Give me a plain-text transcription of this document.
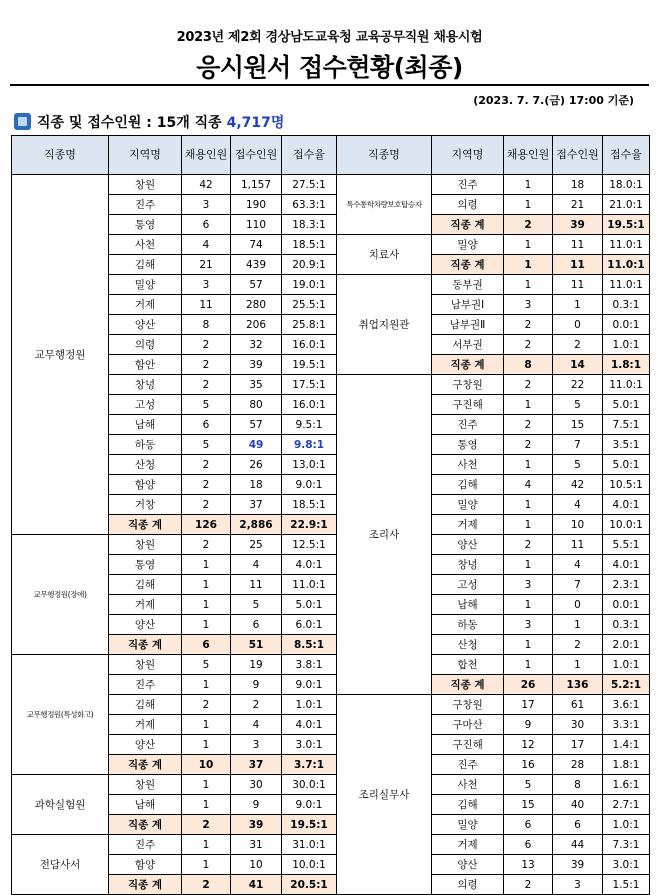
2023년 제2회 경상남도교육청 교육공무직원 채용시험
응시원서 접수현황(최종)
(2023. 7. 7.(금) 17:00 기준)
직종 및 접수인원 : 15개 직종 4,717명
직종명	지역명	채용인원	접수인원	접수율
교무행정원	창원	42	1,157	27.5:1
	진주	3	190	63.3:1
	통영	6	110	18.3:1
	사천	4	74	18.5:1
	김해	21	439	20.9:1
	밀양	3	57	19.0:1
	거제	11	280	25.5:1
	양산	8	206	25.8:1
	의령	2	32	16.0:1
	함안	2	39	19.5:1
	창녕	2	35	17.5:1
	고성	5	80	16.0:1
	남해	6	57	9.5:1
	하동	5	49	9.8:1
	산청	2	26	13.0:1
	함양	2	18	9.0:1
	거창	2	37	18.5:1
	직종 계	126	2,886	22.9:1
교무행정원(장애)	창원	2	25	12.5:1
	통영	1	4	4.0:1
	김해	1	11	11.0:1
	거제	1	5	5.0:1
	양산	1	6	6.0:1
	직종 계	6	51	8.5:1
교무행정원(특성화고)	창원	5	19	3.8:1
	진주	1	9	9.0:1
	김해	2	2	1.0:1
	거제	1	4	4.0:1
	양산	1	3	3.0:1
	직종 계	10	37	3.7:1
과학실험원	창원	1	30	30.0:1
	남해	1	9	9.0:1
	직종 계	2	39	19.5:1
전담사서	진주	1	31	31.0:1
	함양	1	10	10.0:1
	직종 계	2	41	20.5:1
직종명	지역명	채용인원	접수인원	접수율
특수통학차량보호탑승자	진주	1	18	18.0:1
	의령	1	21	21.0:1
	직종 계	2	39	19.5:1
치료사	밀양	1	11	11.0:1
	직종 계	1	11	11.0:1
취업지원관	동부권	1	11	11.0:1
	남부권Ⅰ	3	1	0.3:1
	남부권Ⅱ	2	0	0.0:1
	서부권	2	2	1.0:1
	직종 계	8	14	1.8:1
조리사	구창원	2	22	11.0:1
	구진해	1	5	5.0:1
	진주	2	15	7.5:1
	통영	2	7	3.5:1
	사천	1	5	5.0:1
	김해	4	42	10.5:1
	밀양	1	4	4.0:1
	거제	1	10	10.0:1
	양산	2	11	5.5:1
	창녕	1	4	4.0:1
	고성	3	7	2.3:1
	남해	1	0	0.0:1
	하동	3	1	0.3:1
	산청	1	2	2.0:1
	합천	1	1	1.0:1
	직종 계	26	136	5.2:1
조리실무사	구창원	17	61	3.6:1
	구마산	9	30	3.3:1
	구진해	12	17	1.4:1
	진주	16	28	1.8:1
	사천	5	8	1.6:1
	김해	15	40	2.7:1
	밀양	6	6	1.0:1
	거제	6	44	7.3:1
	양산	13	39	3.0:1
	의령	2	3	1.5:1
